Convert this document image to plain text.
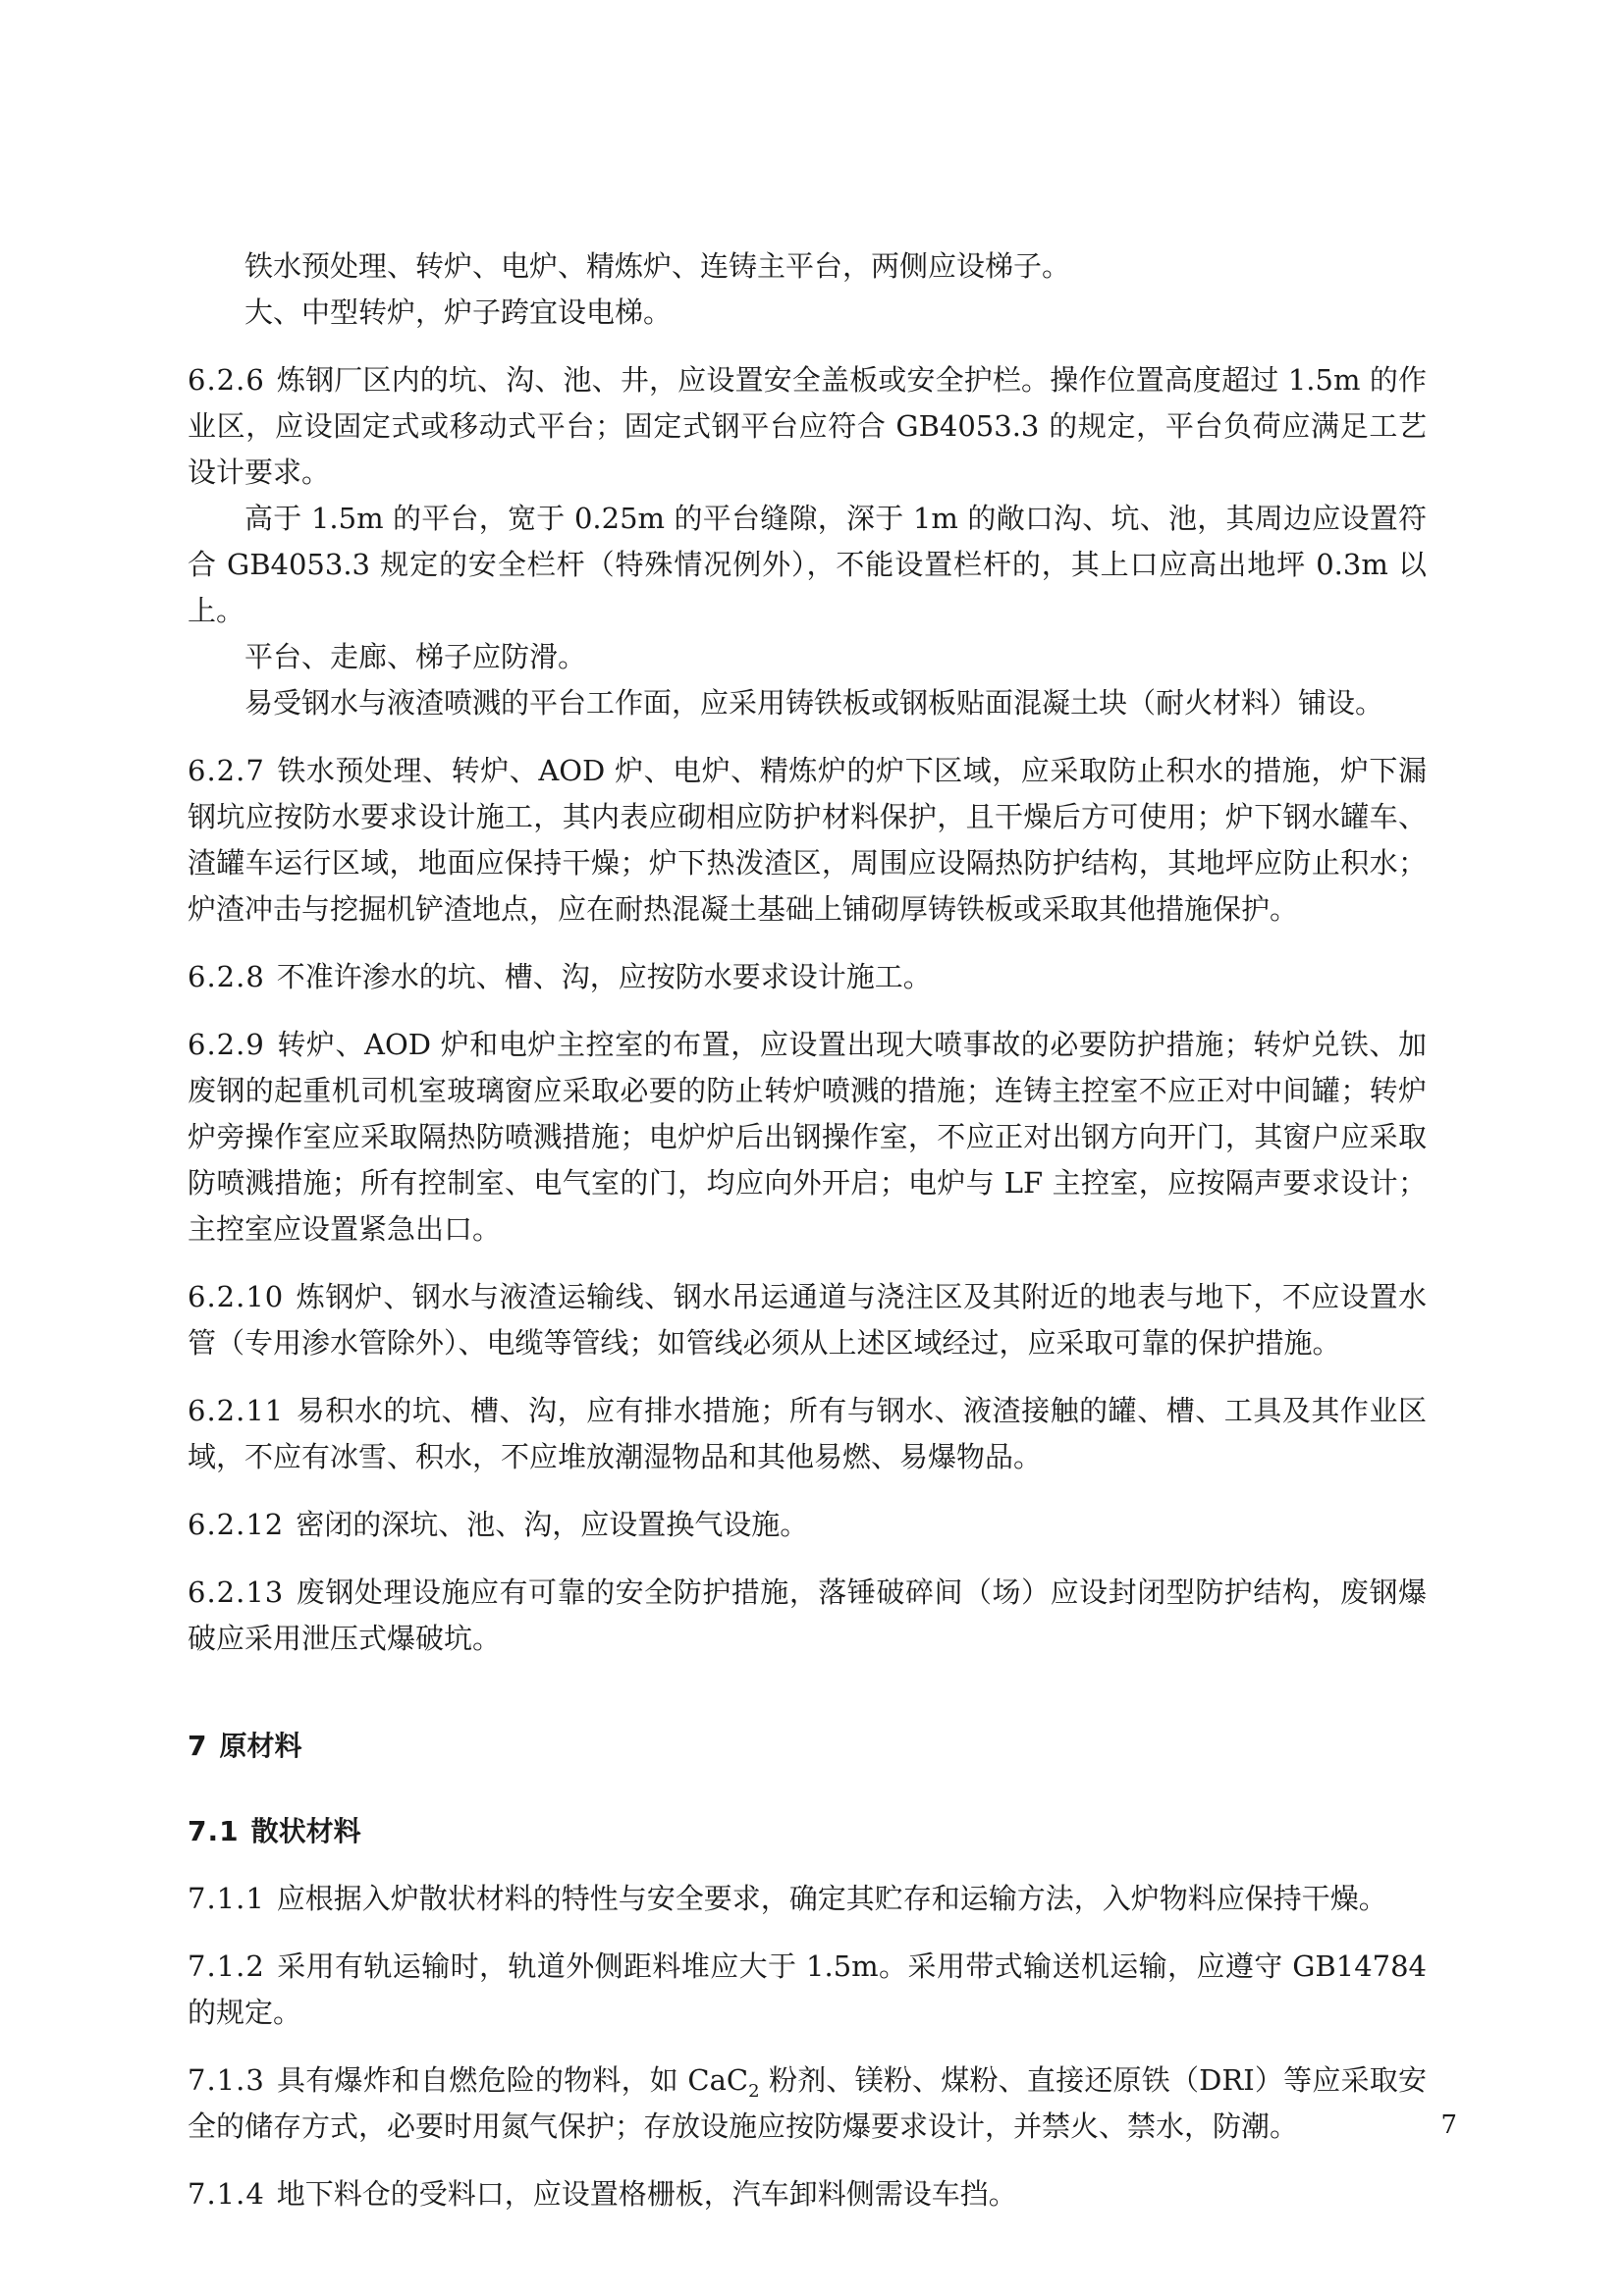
铁水预处理、转炉、电炉、精炼炉、连铸主平台，两侧应设梯子。

大、中型转炉，炉子跨宜设电梯。

6.2.6 炼钢厂区内的坑、沟、池、井，应设置安全盖板或安全护栏。操作位置高度超过 1.5m 的作业区，应设固定式或移动式平台；固定式钢平台应符合 GB4053.3 的规定，平台负荷应满足工艺设计要求。

高于 1.5m 的平台，宽于 0.25m 的平台缝隙，深于 1m 的敞口沟、坑、池，其周边应设置符合 GB4053.3 规定的安全栏杆（特殊情况例外），不能设置栏杆的，其上口应高出地坪 0.3m 以上。

平台、走廊、梯子应防滑。

易受钢水与液渣喷溅的平台工作面，应采用铸铁板或钢板贴面混凝土块（耐火材料）铺设。

6.2.7 铁水预处理、转炉、AOD 炉、电炉、精炼炉的炉下区域，应采取防止积水的措施，炉下漏钢坑应按防水要求设计施工，其内表应砌相应防护材料保护，且干燥后方可使用；炉下钢水罐车、渣罐车运行区域，地面应保持干燥；炉下热泼渣区，周围应设隔热防护结构，其地坪应防止积水；炉渣冲击与挖掘机铲渣地点，应在耐热混凝土基础上铺砌厚铸铁板或采取其他措施保护。

6.2.8 不准许渗水的坑、槽、沟，应按防水要求设计施工。

6.2.9 转炉、AOD 炉和电炉主控室的布置，应设置出现大喷事故的必要防护措施；转炉兑铁、加废钢的起重机司机室玻璃窗应采取必要的防止转炉喷溅的措施；连铸主控室不应正对中间罐；转炉炉旁操作室应采取隔热防喷溅措施；电炉炉后出钢操作室，不应正对出钢方向开门，其窗户应采取防喷溅措施；所有控制室、电气室的门，均应向外开启；电炉与 LF 主控室，应按隔声要求设计；主控室应设置紧急出口。

6.2.10 炼钢炉、钢水与液渣运输线、钢水吊运通道与浇注区及其附近的地表与地下，不应设置水管（专用渗水管除外）、电缆等管线；如管线必须从上述区域经过，应采取可靠的保护措施。

6.2.11 易积水的坑、槽、沟，应有排水措施；所有与钢水、液渣接触的罐、槽、工具及其作业区域，不应有冰雪、积水，不应堆放潮湿物品和其他易燃、易爆物品。

6.2.12 密闭的深坑、池、沟，应设置换气设施。

6.2.13 废钢处理设施应有可靠的安全防护措施，落锤破碎间（场）应设封闭型防护结构，废钢爆破应采用泄压式爆破坑。

7 原材料
7.1 散状材料

7.1.1 应根据入炉散状材料的特性与安全要求，确定其贮存和运输方法，入炉物料应保持干燥。

7.1.2 采用有轨运输时，轨道外侧距料堆应大于 1.5m。采用带式输送机运输，应遵守 GB14784 的规定。

7.1.3 具有爆炸和自燃危险的物料，如 CaC$_2$ 粉剂、镁粉、煤粉、直接还原铁（DRI）等应采取安全的储存方式，必要时用氮气保护；存放设施应按防爆要求设计，并禁火、禁水，防潮。

7.1.4 地下料仓的受料口，应设置格栅板，汽车卸料侧需设车挡。

7
